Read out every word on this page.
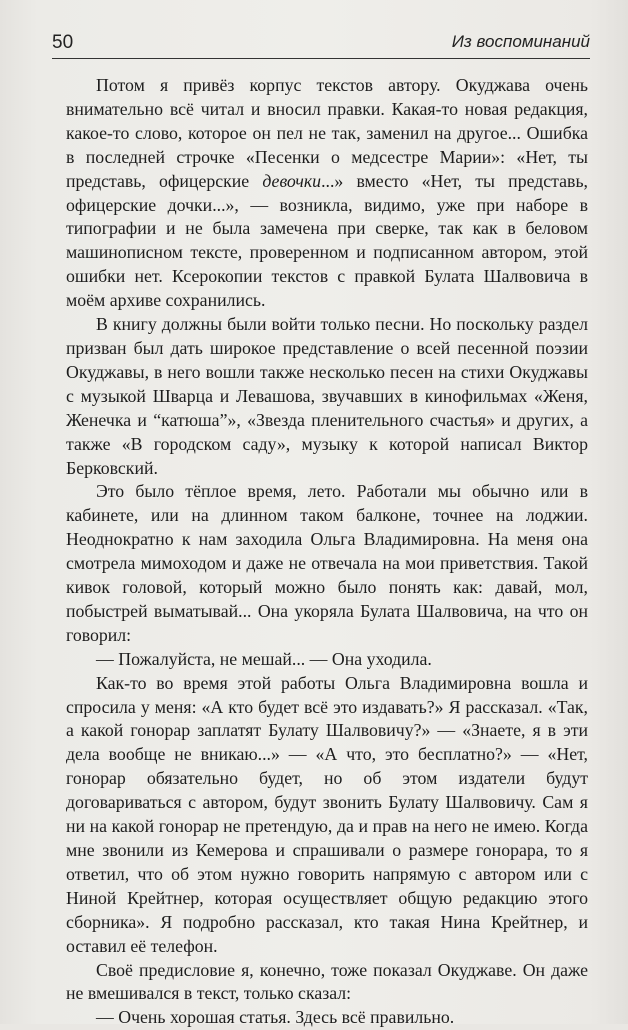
50	Из воспоминаний

Потом я привёз корпус текстов автору. Окуджава очень внимательно всё читал и вносил правки. Какая-то новая редакция, какое-то слово, которое он пел не так, заменил на другое... Ошибка в последней строчке «Песенки о медсестре Марии»: «Нет, ты представь, офицерские девочки...» вместо «Нет, ты представь, офицерские дочки...», — возникла, видимо, уже при наборе в типографии и не была замечена при сверке, так как в беловом машинописном тексте, проверенном и подписанном автором, этой ошибки нет. Ксерокопии текстов с правкой Булата Шалвовича в моём архиве сохранились.

В книгу должны были войти только песни. Но поскольку раздел призван был дать широкое представление о всей песенной поэзии Окуджавы, в него вошли также несколько песен на стихи Окуджавы с музыкой Шварца и Левашова, звучавших в кинофильмах «Женя, Женечка и “катюша”», «Звезда пленительного счастья» и других, а также «В городском саду», музыку к которой написал Виктор Берковский.

Это было тёплое время, лето. Работали мы обычно или в кабинете, или на длинном таком балконе, точнее на лоджии. Неоднократно к нам заходила Ольга Владимировна. На меня она смотрела мимоходом и даже не отвечала на мои приветствия. Такой кивок головой, который можно было понять как: давай, мол, побыстрей выматывай... Она укоряла Булата Шалвовича, на что он говорил:

— Пожалуйста, не мешай... — Она уходила.

Как-то во время этой работы Ольга Владимировна вошла и спросила у меня: «А кто будет всё это издавать?» Я рассказал. «Так, а какой гонорар заплатят Булату Шалвовичу?» — «Знаете, я в эти дела вообще не вникаю...» — «А что, это бесплатно?» — «Нет, гонорар обязательно будет, но об этом издатели будут договариваться с автором, будут звонить Булату Шалвовичу. Сам я ни на какой гонорар не претендую, да и прав на него не имею. Когда мне звонили из Кемерова и спрашивали о размере гонорара, то я ответил, что об этом нужно говорить напрямую с автором или с Ниной Крейтнер, которая осуществляет общую редакцию этого сборника». Я подробно рассказал, кто такая Нина Крейтнер, и оставил её телефон.

Своё предисловие я, конечно, тоже показал Окуджаве. Он даже не вмешивался в текст, только сказал:

— Очень хорошая статья. Здесь всё правильно.
